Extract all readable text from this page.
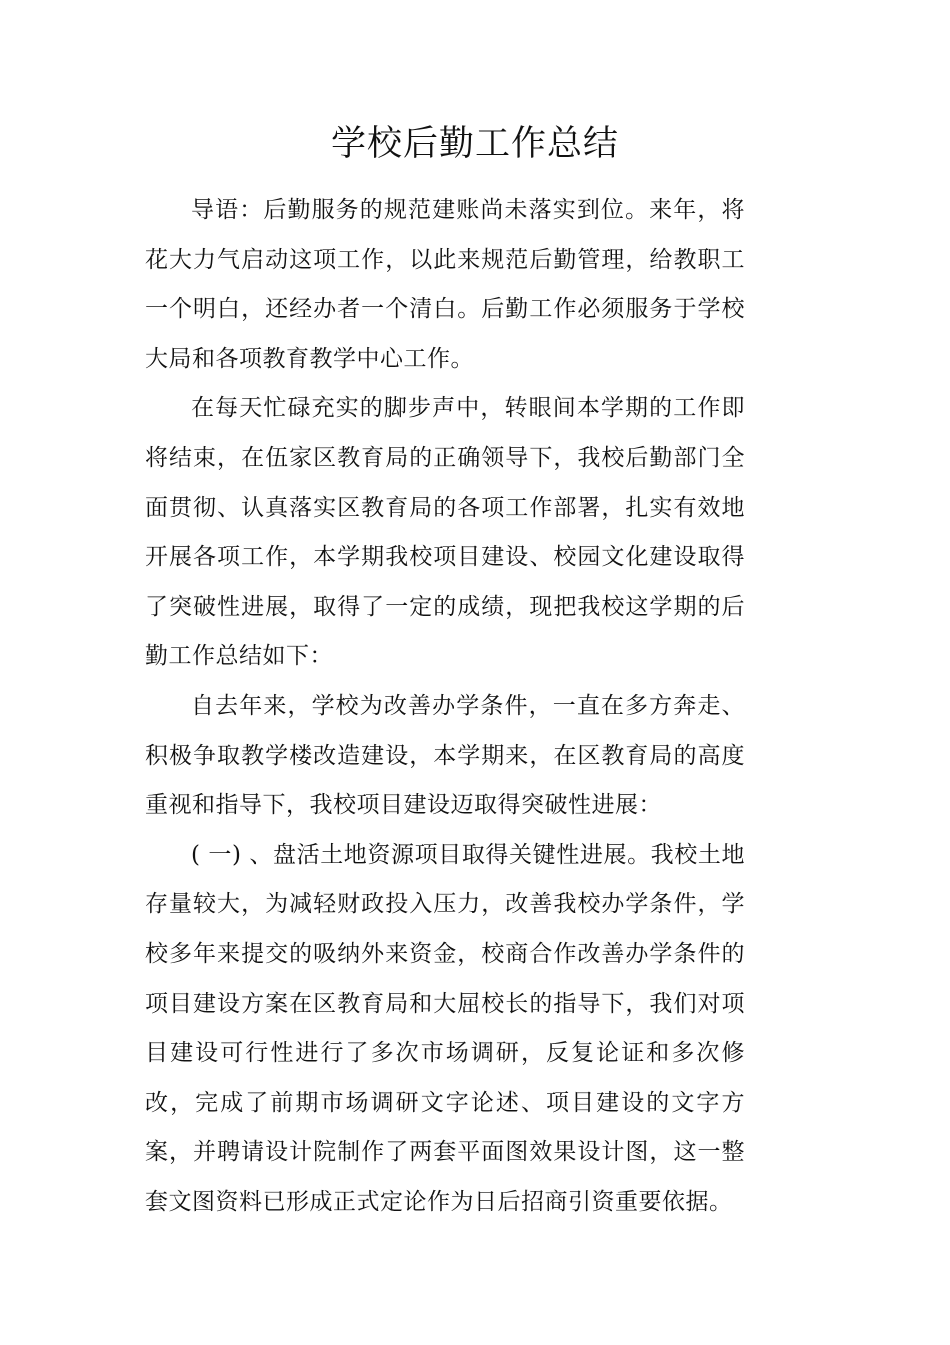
学校后勤工作总结

导语：后勤服务的规范建账尚未落实到位。来年，将花大力气启动这项工作，以此来规范后勤管理，给教职工一个明白，还经办者一个清白。后勤工作必须服务于学校大局和各项教育教学中心工作。

在每天忙碌充实的脚步声中，转眼间本学期的工作即将结束，在伍家区教育局的正确领导下，我校后勤部门全面贯彻、认真落实区教育局的各项工作部署，扎实有效地开展各项工作，本学期我校项目建设、校园文化建设取得了突破性进展，取得了一定的成绩，现把我校这学期的后勤工作总结如下：

自去年来，学校为改善办学条件，一直在多方奔走、积极争取教学楼改造建设，本学期来，在区教育局的高度重视和指导下，我校项目建设迈取得突破性进展：

( 一) 、盘活土地资源项目取得关键性进展。我校土地存量较大，为减轻财政投入压力，改善我校办学条件，学校多年来提交的吸纳外来资金，校商合作改善办学条件的项目建设方案在区教育局和大屈校长的指导下，我们对项目建设可行性进行了多次市场调研，反复论证和多次修改，完成了前期市场调研文字论述、项目建设的文字方案，并聘请设计院制作了两套平面图效果设计图，这一整套文图资料已形成正式定论作为日后招商引资重要依据。
